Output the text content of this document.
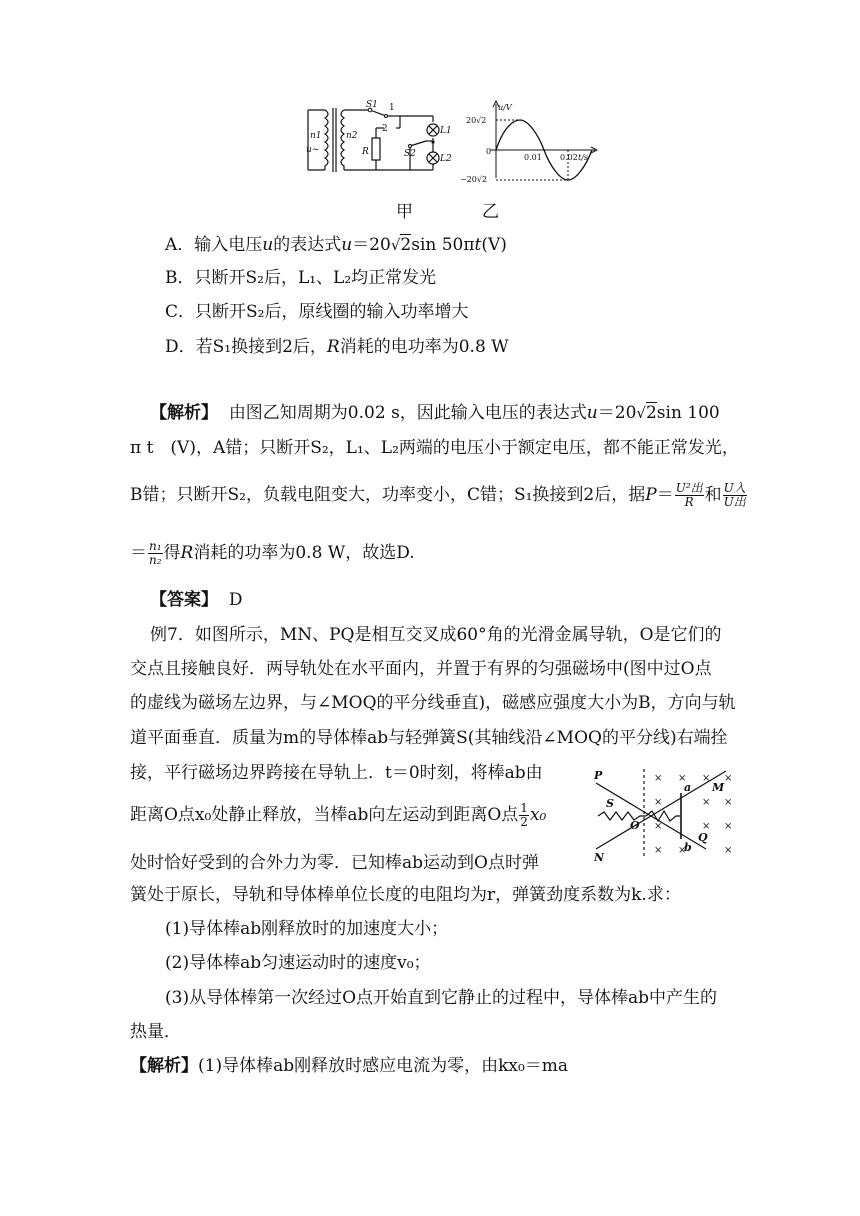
n1
u~
n2
S1
R	S2
L1
L2
1
2
u/V
20√2
−20√2
0
0.01 0.02 t/s
甲	乙
A．输入电压u的表达式u＝20√2sin 50πt(V)
B．只断开S₂后，L₁、L₂均正常发光
C．只断开S₂后，原线圈的输入功率增大
D．若S₁换接到2后，R消耗的电功率为0.8 W
【解析】 由图乙知周期为0.02 s，因此输入电压的表达式u＝20√2sin 100
π t　(V)，A错；只断开S₂，L₁、L₂两端的电压小于额定电压，都不能正常发光，
B错；只断开S₂，负载电阻变大，功率变小，C错；S₁换接到2后，据$P= \frac{\text{U²出}}{R}$ 和 $\frac{\text{U入}}{\text{U出}}$
＝ $\frac{\text{n₁}}{\text{n₂}}$ 得R消耗的功率为0.8 W，故选D.
【答案】 D
例7．如图所示，MN、PQ是相互交叉成60°角的光滑金属导轨，O是它们的
交点且接触良好．两导轨处在水平面内，并置于有界的匀强磁场中(图中过O点
的虚线为磁场左边界，与∠MOQ的平分线垂直)，磁感应强度大小为B，方向与轨
道平面垂直．质量为m的导体棒ab与轻弹簧S(其轴线沿∠MOQ的平分线)右端拴
接，平行磁场边界跨接在导轨上．t＝0时刻，将棒ab由
距离O点x₀处静止释放，当棒ab向左运动到距离O点 $\frac{1}{2} x_0$
处时恰好受到的合外力为零．已知棒ab运动到O点时弹
簧处于原长，导轨和导体棒单位长度的电阻均为r，弹簧劲度系数为k.求：
(1)导体棒ab刚释放时的加速度大小；
(2)导体棒ab匀速运动时的速度v₀；
(3)从导体棒第一次经过O点开始直到它静止的过程中，导体棒ab中产生的
热量．
【解析】(1)导体棒ab刚释放时感应电流为零，由kx₀＝ma
× × × ×
×	× ×
×	× ×
× ×	×
P
S
O
N
a M
b
Q
